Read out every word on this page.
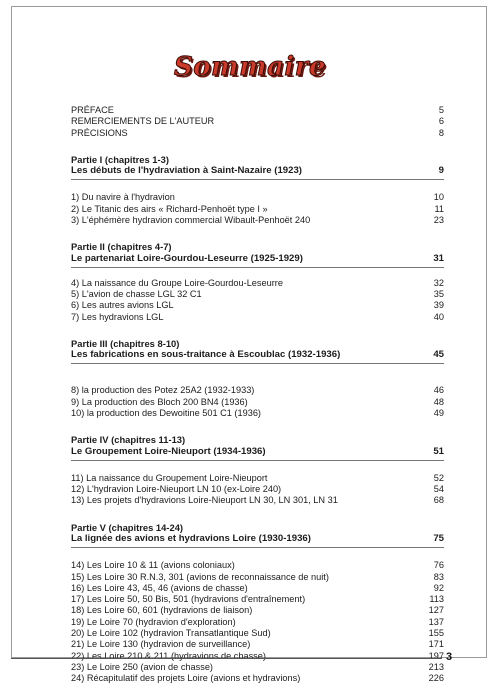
Sommaire
PRÉFACE	5
REMERCIEMENTS DE L'AUTEUR	6
PRÉCISIONS	8
Partie I (chapitres 1-3)
Les débuts de l'hydraviation à Saint-Nazaire (1923)	9
1) Du navire à l'hydravion	10
2) Le Titanic des airs « Richard-Penhoët type I »	11
3) L'éphémère hydravion commercial Wibault-Penhoët 240	23
Partie II (chapitres 4-7)
Le partenariat Loire-Gourdou-Leseurre (1925-1929)	31
4) La naissance du Groupe Loire-Gourdou-Leseurre	32
5) L'avion de chasse LGL 32 C1	35
6) Les autres avions LGL	39
7) Les hydravions LGL	40
Partie III (chapitres 8-10)
Les fabrications en sous-traitance à Escoublac (1932-1936)	45
8) la production des Potez 25A2 (1932-1933)	46
9) La production des Bloch 200 BN4 (1936)	48
10) la production des Dewoitine 501 C1 (1936)	49
Partie IV (chapitres 11-13)
Le Groupement Loire-Nieuport (1934-1936)	51
11) La naissance du Groupement Loire-Nieuport	52
12) L'hydravion Loire-Nieuport LN 10 (ex-Loire 240)	54
13) Les projets d'hydravions Loire-Nieuport LN 30, LN 301, LN 31	68
Partie V (chapitres 14-24)
La lignée des avions et hydravions Loire (1930-1936)	75
14) Les Loire 10 & 11 (avions coloniaux)	76
15) Les Loire 30 R.N.3, 301 (avions de reconnaissance de nuit)	83
16) Les Loire 43, 45, 46 (avions de chasse)	92
17) Les Loire 50, 50 Bis, 501 (hydravions d'entraînement)	113
18) Les Loire 60, 601 (hydravions de liaison)	127
19) Le Loire 70 (hydravion d'exploration)	137
20) Le Loire 102 (hydravion Transatlantique Sud)	155
21) Le Loire 130 (hydravion de surveillance)	171
22) Les Loire 210 & 211 (hydravions de chasse)	197
23) Le Loire 250 (avion de chasse)	213
24) Récapitulatif des projets Loire (avions et hydravions)	226
3
